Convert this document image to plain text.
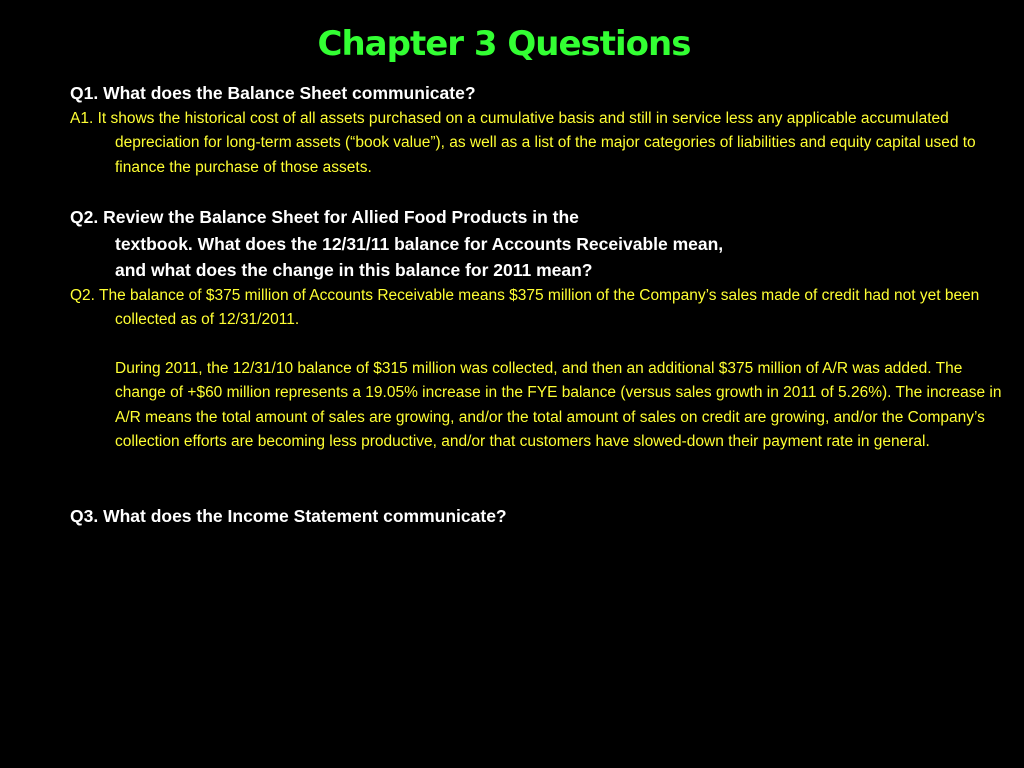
Chapter 3 Questions

Q1. What does the Balance Sheet communicate?

A1. It shows the historical cost of all assets purchased on a cumulative basis and still in service less any applicable accumulated depreciation for long-term assets (“book value”), as well as a list of the major categories of liabilities and equity capital used to finance the purchase of those assets.

Q2. Review the Balance Sheet for Allied Food Products in the
textbook. What does the 12/31/11 balance for Accounts Receivable mean,
and what does the change in this balance for 2011 mean?

Q2. The balance of $375 million of Accounts Receivable means $375 million of the Company’s sales made of credit had not yet been collected as of 12/31/2011.

During 2011, the 12/31/10 balance of $315 million was collected, and then an additional $375 million of A/R was added. The change of +$60 million represents a 19.05% increase in the FYE balance (versus sales growth in 2011 of 5.26%). The increase in A/R means the total amount of sales are growing, and/or the total amount of sales on credit are growing, and/or the Company’s collection efforts are becoming less productive, and/or that customers have slowed-down their payment rate in general.

Q3. What does the Income Statement communicate?
